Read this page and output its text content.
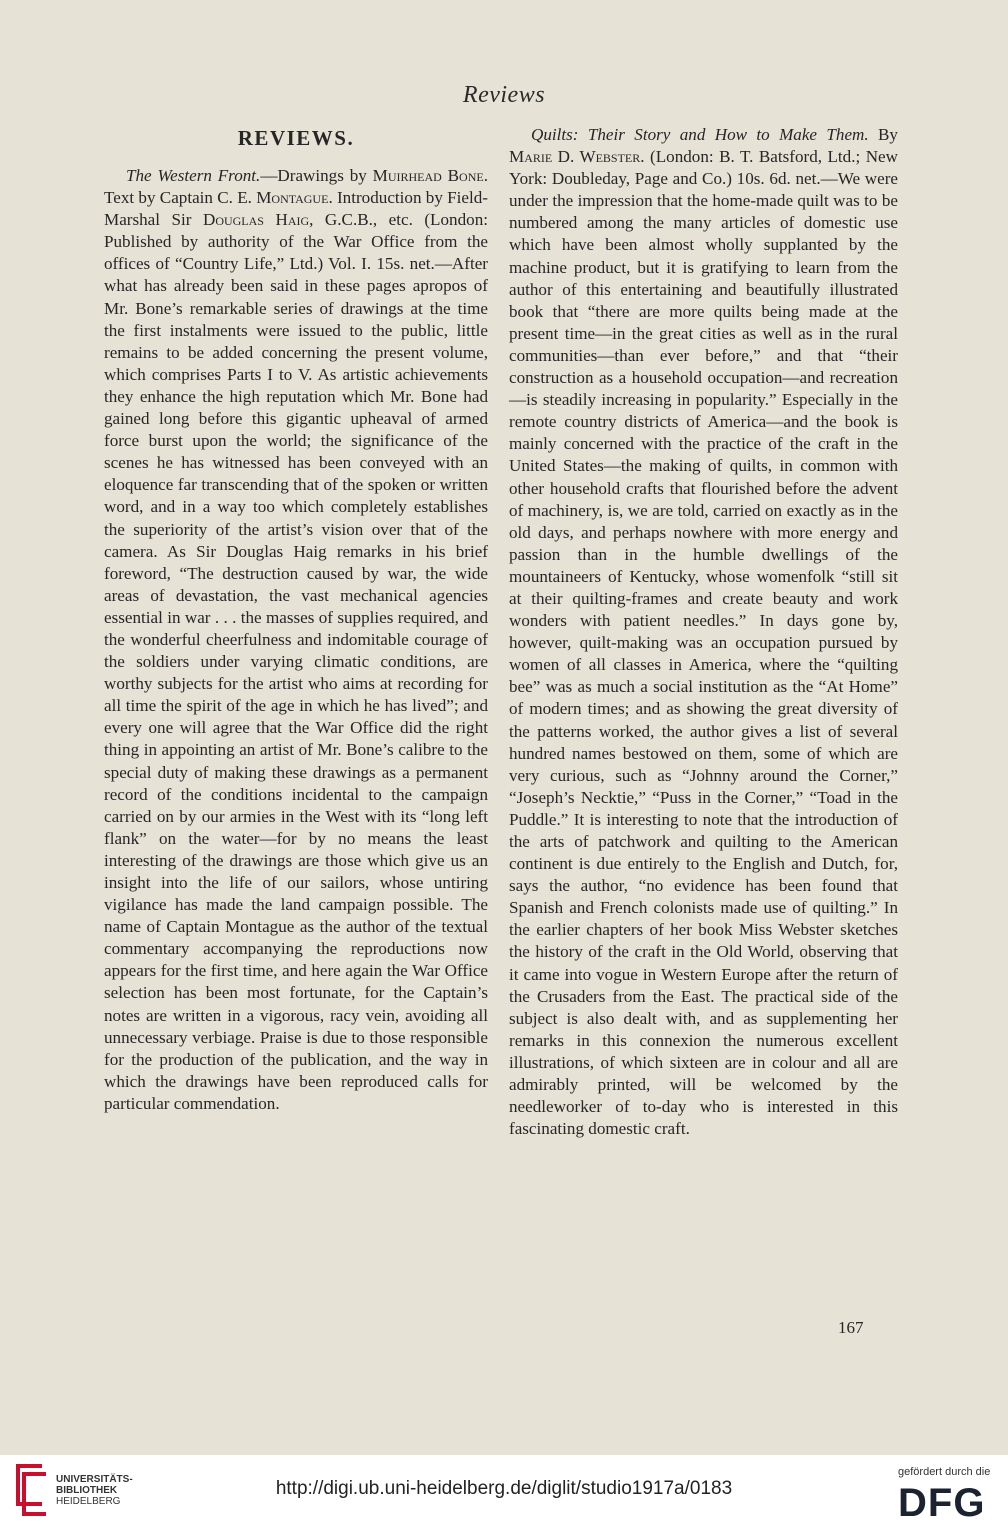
Reviews
REVIEWS.

The Western Front.—Drawings by Muirhead Bone. Text by Captain C. E. Montague. Introduction by Field-Marshal Sir Douglas Haig, G.C.B., etc. (London: Published by authority of the War Office from the offices of “Country Life,” Ltd.) Vol. I. 15s. net.—After what has already been said in these pages apropos of Mr. Bone’s remarkable series of drawings at the time the first instalments were issued to the public, little remains to be added concerning the present volume, which comprises Parts I to V. As artistic achievements they enhance the high reputation which Mr. Bone had gained long before this gigantic upheaval of armed force burst upon the world; the significance of the scenes he has witnessed has been conveyed with an eloquence far transcending that of the spoken or written word, and in a way too which completely establishes the superiority of the artist’s vision over that of the camera. As Sir Douglas Haig remarks in his brief foreword, “The destruction caused by war, the wide areas of devastation, the vast mechanical agencies essential in war . . . the masses of supplies required, and the wonderful cheerfulness and indomitable courage of the soldiers under varying climatic conditions, are worthy subjects for the artist who aims at recording for all time the spirit of the age in which he has lived”; and every one will agree that the War Office did the right thing in appointing an artist of Mr. Bone’s calibre to the special duty of making these drawings as a permanent record of the conditions incidental to the campaign carried on by our armies in the West with its “long left flank” on the water—for by no means the least interesting of the drawings are those which give us an insight into the life of our sailors, whose untiring vigilance has made the land campaign possible. The name of Captain Montague as the author of the textual commentary accompanying the reproductions now appears for the first time, and here again the War Office selection has been most fortunate, for the Captain’s notes are written in a vigorous, racy vein, avoiding all unnecessary verbiage. Praise is due to those responsible for the production of the publication, and the way in which the drawings have been reproduced calls for particular commendation.

Quilts: Their Story and How to Make Them. By Marie D. Webster. (London: B. T. Batsford, Ltd.; New York: Doubleday, Page and Co.) 10s. 6d. net.—We were under the impression that the home-made quilt was to be numbered among the many articles of domestic use which have been almost wholly supplanted by the machine product, but it is gratifying to learn from the author of this entertaining and beautifully illustrated book that “there are more quilts being made at the present time—in the great cities as well as in the rural communities—than ever before,” and that “their construction as a household occupation—and recreation—is steadily increasing in popularity.” Especially in the remote country districts of America—and the book is mainly concerned with the practice of the craft in the United States—the making of quilts, in common with other household crafts that flourished before the advent of machinery, is, we are told, carried on exactly as in the old days, and perhaps nowhere with more energy and passion than in the humble dwellings of the mountaineers of Kentucky, whose womenfolk “still sit at their quilting-frames and create beauty and work wonders with patient needles.” In days gone by, however, quilt-making was an occupation pursued by women of all classes in America, where the “quilting bee” was as much a social institution as the “At Home” of modern times; and as showing the great diversity of the patterns worked, the author gives a list of several hundred names bestowed on them, some of which are very curious, such as “Johnny around the Corner,” “Joseph’s Necktie,” “Puss in the Corner,” “Toad in the Puddle.” It is interesting to note that the introduction of the arts of patchwork and quilting to the American continent is due entirely to the English and Dutch, for, says the author, “no evidence has been found that Spanish and French colonists made use of quilting.” In the earlier chapters of her book Miss Webster sketches the history of the craft in the Old World, observing that it came into vogue in Western Europe after the return of the Crusaders from the East. The practical side of the subject is also dealt with, and as supplementing her remarks in this connexion the numerous excellent illustrations, of which sixteen are in colour and all are admirably printed, will be welcomed by the needleworker of to-day who is interested in this fascinating domestic craft.

167
UNIVERSITÄTS-
BIBLIOTHEK
HEIDELBERG
http://digi.ub.uni-heidelberg.de/diglit/studio1917a/0183
gefördert durch die
DFG
